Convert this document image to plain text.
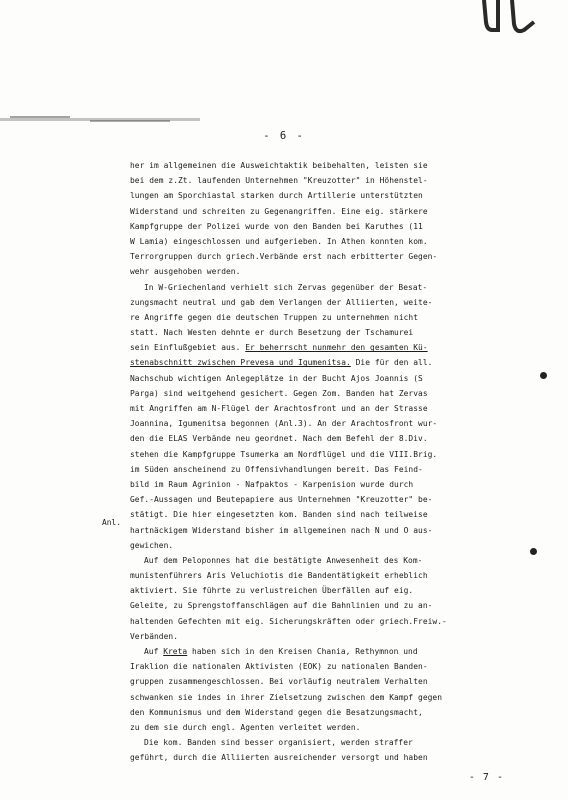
- 6 -
her im allgemeinen die Ausweichtaktik beibehalten, leisten sie
bei dem z.Zt. laufenden Unternehmen "Kreuzotter" in Höhenstel-
lungen am Sporchiastal starken durch Artillerie unterstützten
Widerstand und schreiten zu Gegenangriffen. Eine eig. stärkere
Kampfgruppe der Polizei wurde von den Banden bei Karuthes (11
W Lamia) eingeschlossen und aufgerieben. In Athen konnten kom.
Terrorgruppen durch griech.Verbände erst nach erbitterter Gegen-
wehr ausgehoben werden.
In W-Griechenland verhielt sich Zervas gegenüber der Besat-
zungsmacht neutral und gab dem Verlangen der Alliierten, weite-
re Angriffe gegen die deutschen Truppen zu unternehmen nicht
statt. Nach Westen dehnte er durch Besetzung der Tschamurei
sein Einflußgebiet aus. Er beherrscht nunmehr den gesamten Kü-
stenabschnitt zwischen Prevesa und Igumenitsa. Die für den all.
Nachschub wichtigen Anlegeplätze in der Bucht Ajos Joannis (S
Parga) sind weitgehend gesichert. Gegen Zom. Banden hat Zervas
mit Angriffen am N-Flügel der Arachtosfront und an der Strasse
Joannina, Igumenitsa begonnen (Anl.3). An der Arachtosfront wur-
den die ELAS Verbände neu geordnet. Nach dem Befehl der 8.Div.
stehen die Kampfgruppe Tsumerka am Nordflügel und die VIII.Brig.
im Süden anscheinend zu Offensivhandlungen bereit. Das Feind-
bild im Raum Agrinion - Nafpaktos - Karpenision wurde durch
Gef.-Aussagen und Beutepapiere aus Unternehmen "Kreuzotter" be-
stätigt. Die hier eingesetzten kom. Banden sind nach teilweise
hartnäckigem Widerstand bisher im allgemeinen nach N und O aus-
gewichen.
Auf dem Peloponnes hat die bestätigte Anwesenheit des Kom-
munistenführers Aris Veluchiotis die Bandentätigkeit erheblich
aktiviert. Sie führte zu verlustreichen Überfällen auf eig.
Geleite, zu Sprengstoffanschlägen auf die Bahnlinien und zu an-
haltenden Gefechten mit eig. Sicherungskräften oder griech.Freiw.-
Verbänden.
Auf Kreta haben sich in den Kreisen Chania, Rethymnon und
Iraklion die nationalen Aktivisten (EOK) zu nationalen Banden-
gruppen zusammengeschlossen. Bei vorläufig neutralem Verhalten
schwanken sie indes in ihrer Zielsetzung zwischen dem Kampf gegen
den Kommunismus und dem Widerstand gegen die Besatzungsmacht,
zu dem sie durch engl. Agenten verleitet werden.
Die kom. Banden sind besser organisiert, werden straffer
geführt, durch die Alliierten ausreichender versorgt und haben
Anl.
- 7 -
